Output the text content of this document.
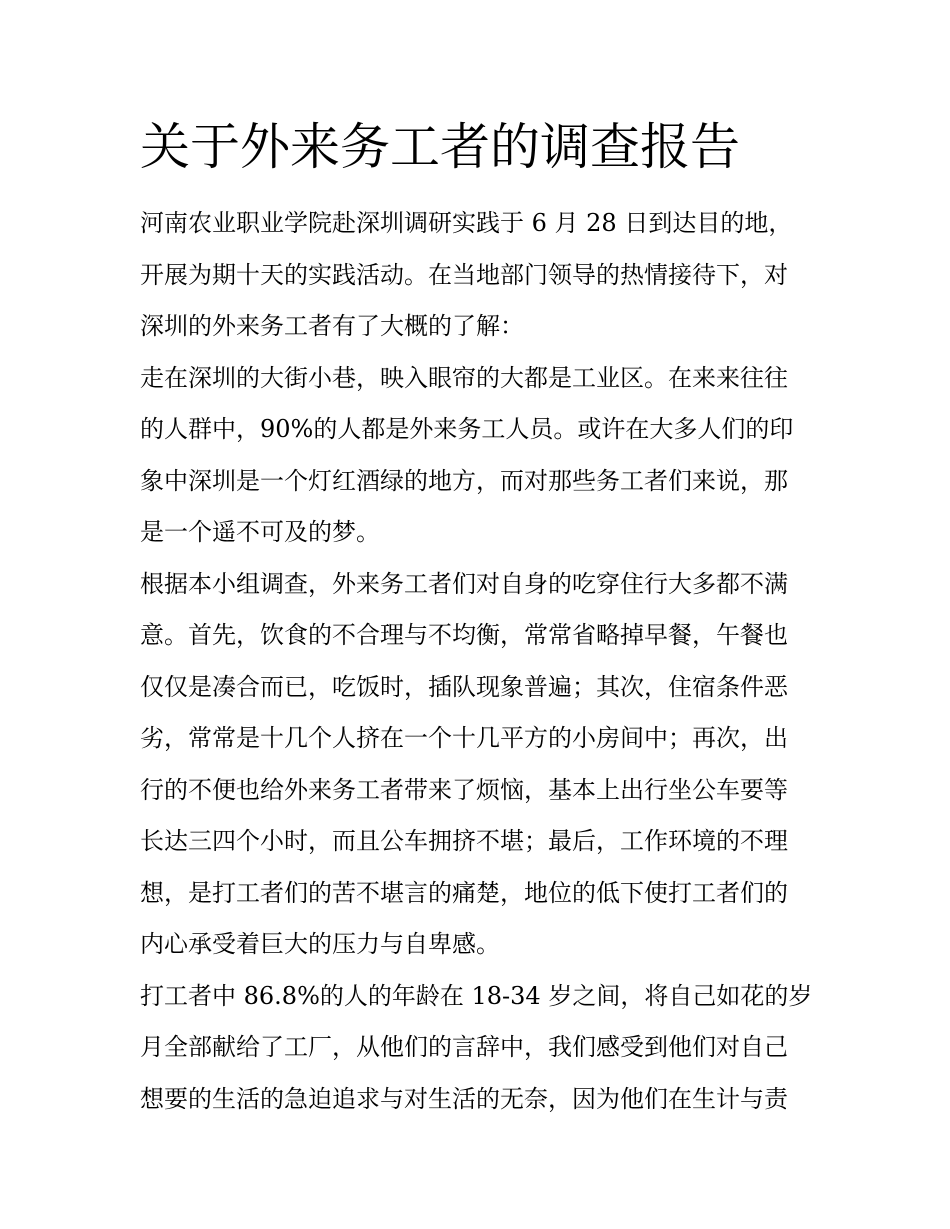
关于外来务工者的调查报告
河南农业职业学院赴深圳调研实践于 6 月 28 日到达目的地，
开展为期十天的实践活动。在当地部门领导的热情接待下，对
深圳的外来务工者有了大概的了解：
走在深圳的大街小巷，映入眼帘的大都是工业区。在来来往往
的人群中，90%的人都是外来务工人员。或许在大多人们的印
象中深圳是一个灯红酒绿的地方，而对那些务工者们来说，那
是一个遥不可及的梦。
根据本小组调查，外来务工者们对自身的吃穿住行大多都不满
意。首先，饮食的不合理与不均衡，常常省略掉早餐，午餐也
仅仅是凑合而已，吃饭时，插队现象普遍；其次，住宿条件恶
劣，常常是十几个人挤在一个十几平方的小房间中；再次，出
行的不便也给外来务工者带来了烦恼，基本上出行坐公车要等
长达三四个小时，而且公车拥挤不堪；最后，工作环境的不理
想，是打工者们的苦不堪言的痛楚，地位的低下使打工者们的
内心承受着巨大的压力与自卑感。
打工者中 86.8%的人的年龄在 18-34 岁之间，将自己如花的岁
月全部献给了工厂，从他们的言辞中，我们感受到他们对自己
想要的生活的急迫追求与对生活的无奈，因为他们在生计与责
